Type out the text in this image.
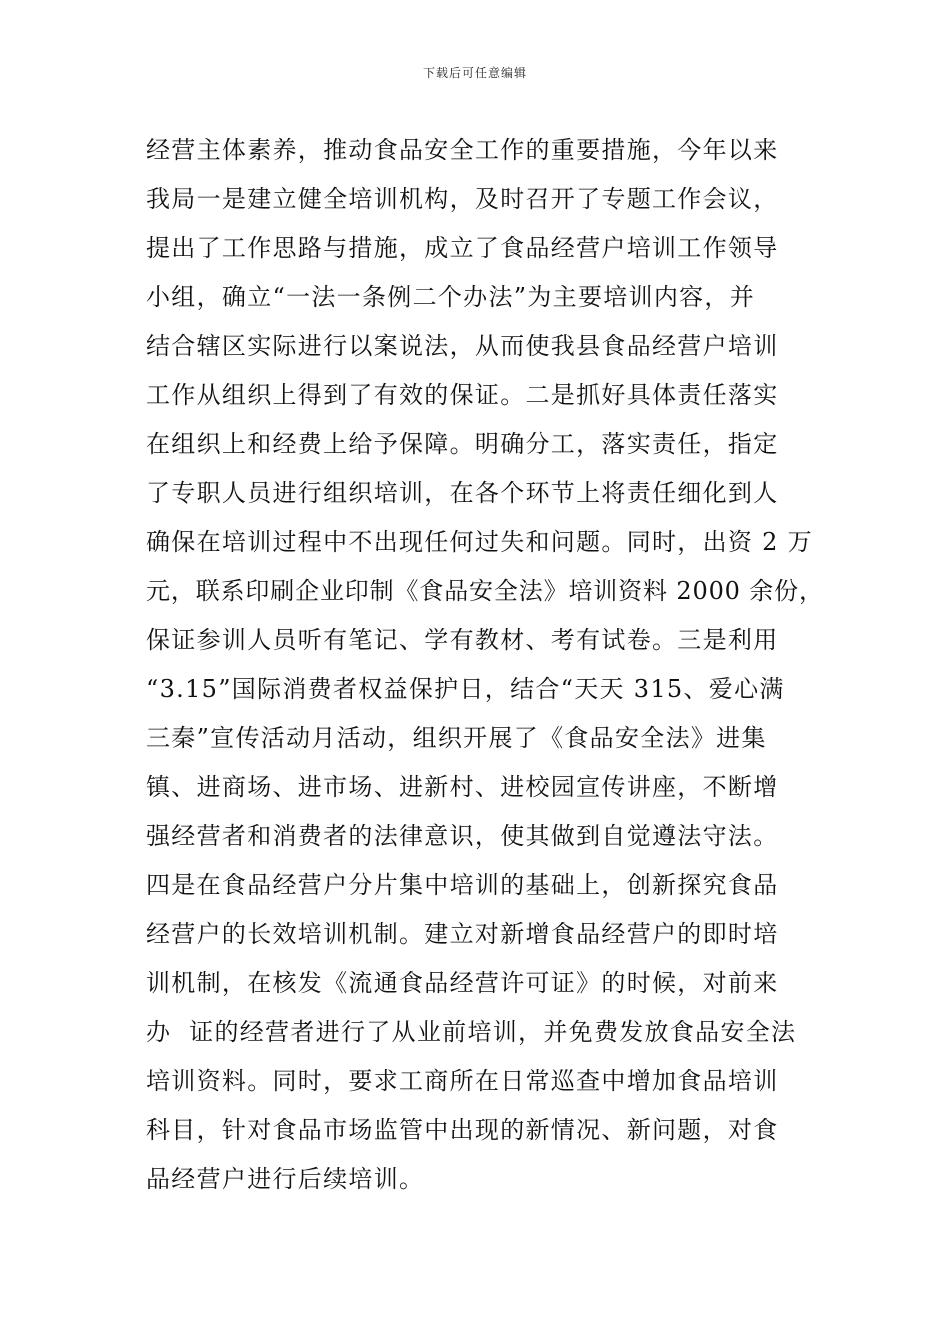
下载后可任意编辑
经营主体素养，推动食品安全工作的重要措施，今年以来
我局一是建立健全培训机构，及时召开了专题工作会议，
提出了工作思路与措施，成立了食品经营户培训工作领导
小组，确立“一法一条例二个办法”为主要培训内容，并
结合辖区实际进行以案说法，从而使我县食品经营户培训
工作从组织上得到了有效的保证。二是抓好具体责任落实
在组织上和经费上给予保障。明确分工，落实责任，指定
了专职人员进行组织培训，在各个环节上将责任细化到人
确保在培训过程中不出现任何过失和问题。同时，出资 2 万
元，联系印刷企业印制《食品安全法》培训资料 2000 余份，
保证参训人员听有笔记、学有教材、考有试卷。三是利用
“3.15”国际消费者权益保护日，结合“天天 315、爱心满
三秦”宣传活动月活动，组织开展了《食品安全法》进集
镇、进商场、进市场、进新村、进校园宣传讲座，不断增
强经营者和消费者的法律意识，使其做到自觉遵法守法。
四是在食品经营户分片集中培训的基础上，创新探究食品
经营户的长效培训机制。建立对新增食品经营户的即时培
训机制，在核发《流通食品经营许可证》的时候，对前来
办  证的经营者进行了从业前培训，并免费发放食品安全法
培训资料。同时，要求工商所在日常巡查中增加食品培训
科目，针对食品市场监管中出现的新情况、新问题，对食
品经营户进行后续培训。
